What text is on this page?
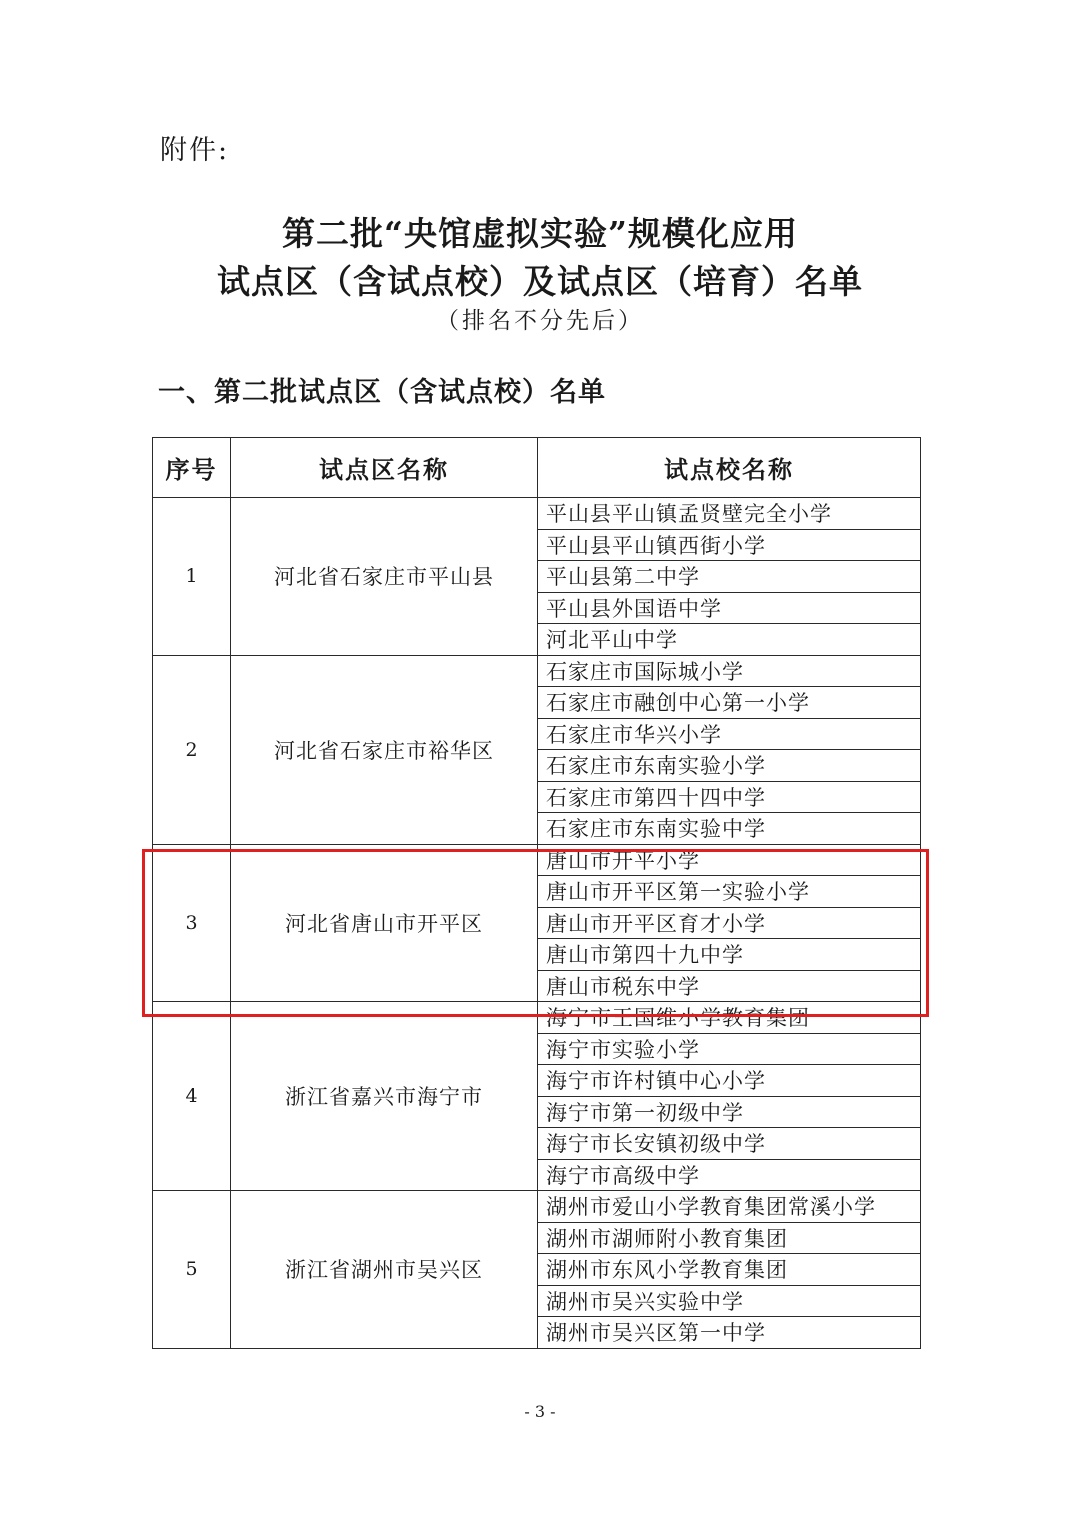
附件:
第二批“央馆虚拟实验”规模化应用
试点区（含试点校）及试点区（培育）名单
（排名不分先后）
一、第二批试点区（含试点校）名单
序号	试点区名称	试点校名称
1	河北省石家庄市平山县	平山县平山镇孟贤壁完全小学
		平山县平山镇西街小学
		平山县第二中学
		平山县外国语中学
		河北平山中学
2	河北省石家庄市裕华区	石家庄市国际城小学
		石家庄市融创中心第一小学
		石家庄市华兴小学
		石家庄市东南实验小学
		石家庄市第四十四中学
		石家庄市东南实验中学
3	河北省唐山市开平区	唐山市开平小学
		唐山市开平区第一实验小学
		唐山市开平区育才小学
		唐山市第四十九中学
		唐山市税东中学
4	浙江省嘉兴市海宁市	海宁市王国维小学教育集团
		海宁市实验小学
		海宁市许村镇中心小学
		海宁市第一初级中学
		海宁市长安镇初级中学
		海宁市高级中学
5	浙江省湖州市吴兴区	湖州市爱山小学教育集团常溪小学
		湖州市湖师附小教育集团
		湖州市东风小学教育集团
		湖州市吴兴实验中学
		湖州市吴兴区第一中学
- 3 -
